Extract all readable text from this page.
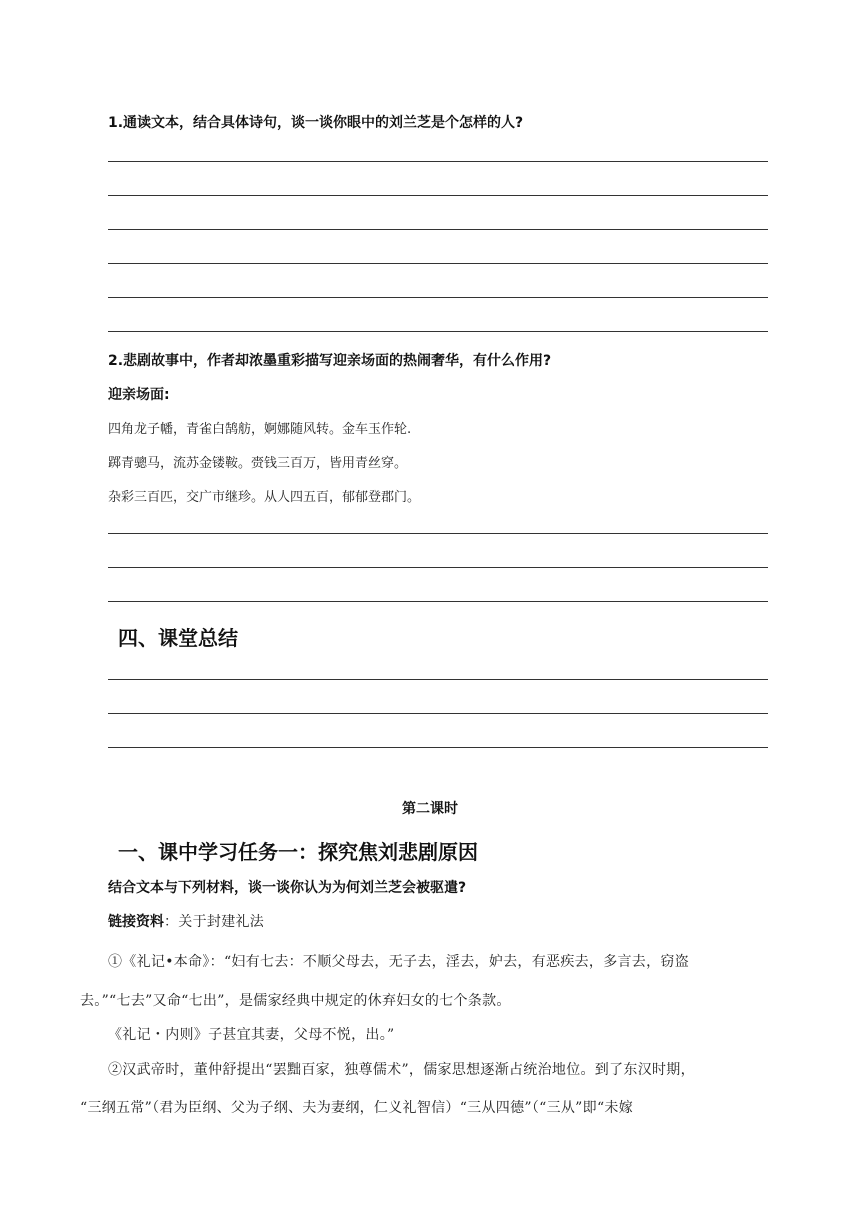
1.通读文本，结合具体诗句，谈一谈你眼中的刘兰芝是个怎样的人?
2.悲剧故事中，作者却浓墨重彩描写迎亲场面的热闹奢华，有什么作用?
迎亲场面:
四角龙子幡，青雀白鹄舫，婀娜随风转。金车玉作轮.
踯青骢马，流苏金镂鞍。赍钱三百万，皆用青丝穿。
杂彩三百匹，交广市继珍。从人四五百，郁郁登郡门。
四、课堂总结
第二课时
一、课中学习任务一：探究焦刘悲剧原因
结合文本与下列材料，谈一谈你认为为何刘兰芝会被驱遣?
链接资料：关于封建礼法
①《礼记•本命》：“妇有七去：不顺父母去，无子去，淫去，妒去，有恶疾去，多言去，窃盗
去。”“七去”又命“七出”，是儒家经典中规定的休弃妇女的七个条款。
《礼记・内则》子甚宜其妻，父母不悦，出。”
②汉武帝时，董仲舒提出“罢黜百家，独尊儒术”，儒家思想逐渐占统治地位。到了东汉时期，
“三纲五常”（君为臣纲、父为子纲、夫为妻纲，仁义礼智信）“三从四德”（“三从”即“未嫁
